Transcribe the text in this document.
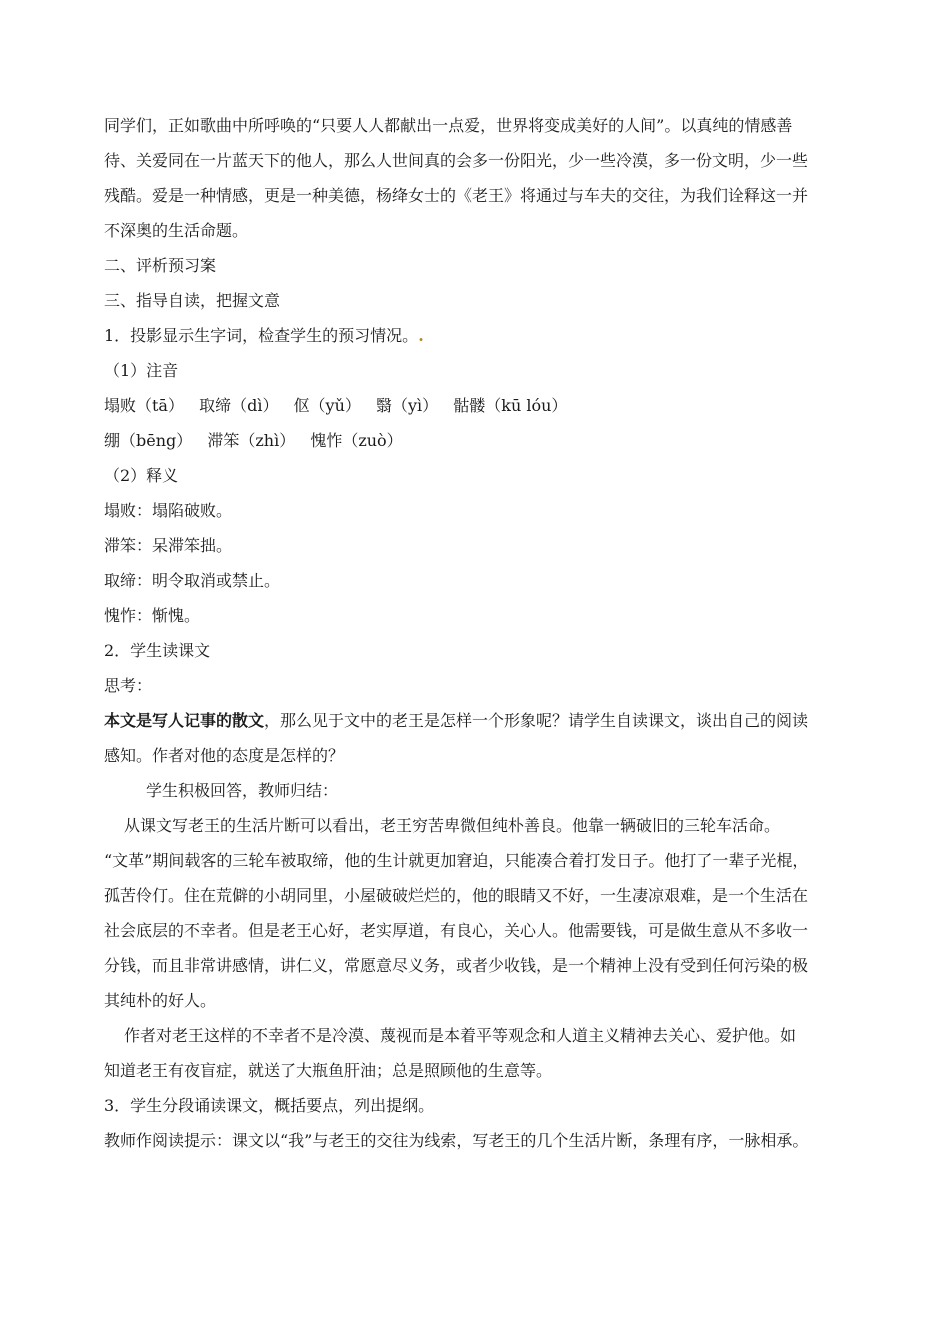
同学们，正如歌曲中所呼唤的“只要人人都献出一点爱，世界将变成美好的人间”。以真纯的情感善

待、关爱同在一片蓝天下的他人，那么人世间真的会多一份阳光，少一些冷漠，多一份文明，少一些

残酷。爱是一种情感，更是一种美德，杨绛女士的《老王》将通过与车夫的交往，为我们诠释这一并

不深奥的生活命题。

二、评析预习案

三、指导自读，把握文意

1．投影显示生字词，检查学生的预习情况。.

（1）注音

塌败（tā） 取缔（dì） 伛（yǔ） 翳（yì） 骷髅（kū lóu）

绷（bēng） 滞笨（zhì） 愧怍（zuò）

（2）释义

塌败：塌陷破败。

滞笨：呆滞笨拙。

取缔：明令取消或禁止。

愧怍：惭愧。

2．学生读课文

思考：

本文是写人记事的散文，那么见于文中的老王是怎样一个形象呢？请学生自读课文，谈出自己的阅读

感知。作者对他的态度是怎样的？

学生积极回答，教师归结：

从课文写老王的生活片断可以看出，老王穷苦卑微但纯朴善良。他靠一辆破旧的三轮车活命。

“文革”期间载客的三轮车被取缔，他的生计就更加窘迫，只能凑合着打发日子。他打了一辈子光棍，

孤苦伶仃。住在荒僻的小胡同里，小屋破破烂烂的，他的眼睛又不好，一生凄凉艰难，是一个生活在

社会底层的不幸者。但是老王心好，老实厚道，有良心，关心人。他需要钱，可是做生意从不多收一

分钱，而且非常讲感情，讲仁义，常愿意尽义务，或者少收钱，是一个精神上没有受到任何污染的极

其纯朴的好人。

作者对老王这样的不幸者不是冷漠、蔑视而是本着平等观念和人道主义精神去关心、爱护他。如

知道老王有夜盲症，就送了大瓶鱼肝油；总是照顾他的生意等。

3．学生分段诵读课文，概括要点，列出提纲。

教师作阅读提示：课文以“我”与老王的交往为线索，写老王的几个生活片断，条理有序，一脉相承。
